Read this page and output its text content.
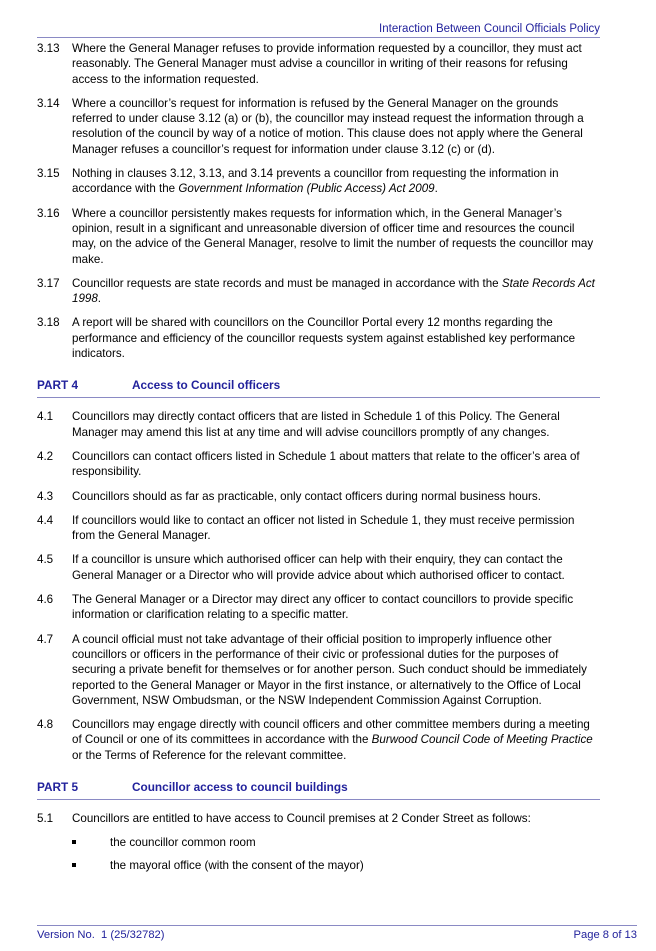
Interaction Between Council Officials Policy
3.13	Where the General Manager refuses to provide information requested by a councillor, they must act reasonably. The General Manager must advise a councillor in writing of their reasons for refusing access to the information requested.
3.14	Where a councillor’s request for information is refused by the General Manager on the grounds referred to under clause 3.12 (a) or (b), the councillor may instead request the information through a resolution of the council by way of a notice of motion. This clause does not apply where the General Manager refuses a councillor’s request for information under clause 3.12 (c) or (d).
3.15	Nothing in clauses 3.12, 3.13, and 3.14 prevents a councillor from requesting the information in accordance with the Government Information (Public Access) Act 2009.
3.16	Where a councillor persistently makes requests for information which, in the General Manager’s opinion, result in a significant and unreasonable diversion of officer time and resources the council may, on the advice of the General Manager, resolve to limit the number of requests the councillor may make.
3.17	Councillor requests are state records and must be managed in accordance with the State Records Act 1998.
3.18	A report will be shared with councillors on the Councillor Portal every 12 months regarding the performance and efficiency of the councillor requests system against established key performance indicators.
PART 4	Access to Council officers
4.1	Councillors may directly contact officers that are listed in Schedule 1 of this Policy. The General Manager may amend this list at any time and will advise councillors promptly of any changes.
4.2	Councillors can contact officers listed in Schedule 1 about matters that relate to the officer’s area of responsibility.
4.3	Councillors should as far as practicable, only contact officers during normal business hours.
4.4	If councillors would like to contact an officer not listed in Schedule 1, they must receive permission from the General Manager.
4.5	If a councillor is unsure which authorised officer can help with their enquiry, they can contact the General Manager or a Director who will provide advice about which authorised officer to contact.
4.6	The General Manager or a Director may direct any officer to contact councillors to provide specific information or clarification relating to a specific matter.
4.7	A council official must not take advantage of their official position to improperly influence other councillors or officers in the performance of their civic or professional duties for the purposes of securing a private benefit for themselves or for another person. Such conduct should be immediately reported to the General Manager or Mayor in the first instance, or alternatively to the Office of Local Government, NSW Ombudsman, or the NSW Independent Commission Against Corruption.
4.8	Councillors may engage directly with council officers and other committee members during a meeting of Council or one of its committees in accordance with the Burwood Council Code of Meeting Practice or the Terms of Reference for the relevant committee.
PART 5	Councillor access to council buildings
5.1	Councillors are entitled to have access to Council premises at 2 Conder Street as follows:
the councillor common room
the mayoral office (with the consent of the mayor)
Version No.  1 (25/32782)	Page 8 of 13
